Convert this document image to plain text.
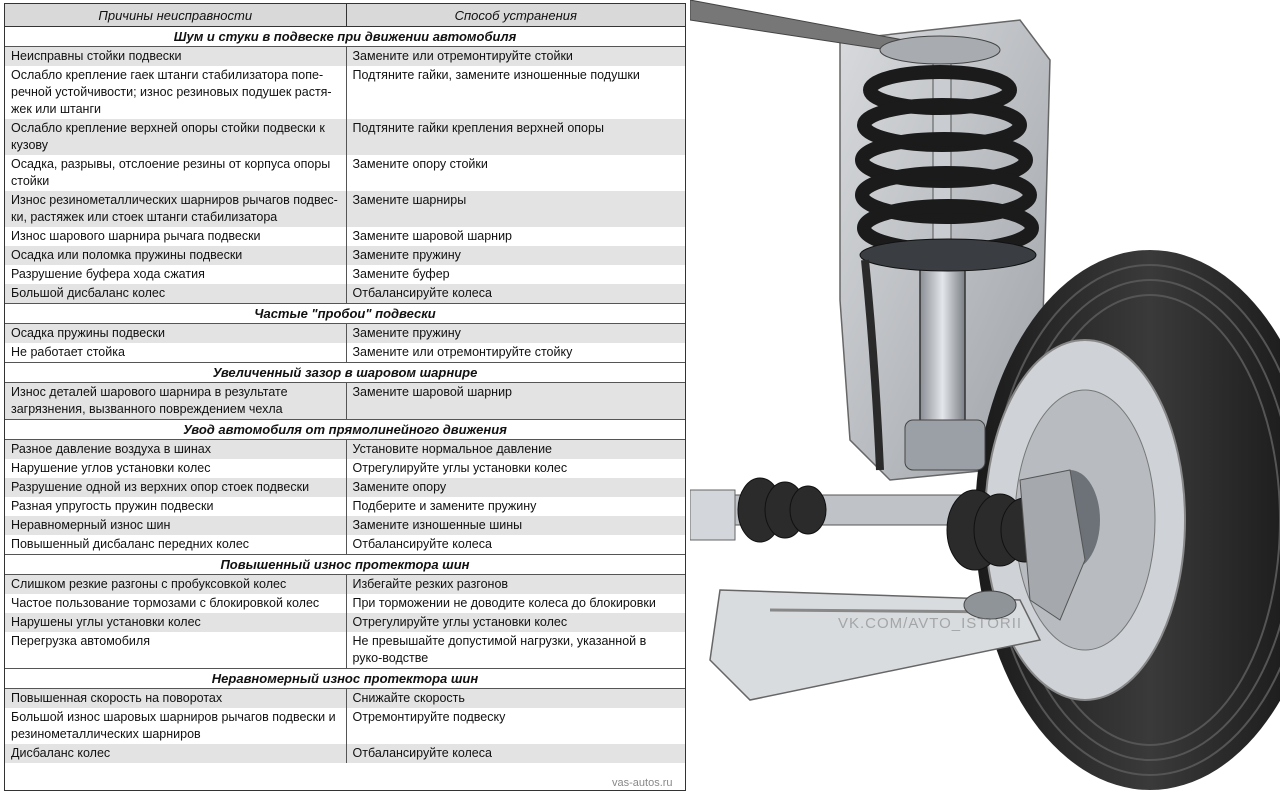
Причины неисправности	Способ устранения
Шум и стуки в подвеске при движении автомобиля	
Неисправны стойки подвески	Замените или отремонтируйте стойки
Ослабло крепление гаек штанги стабилизатора попе-речной устойчивости; износ резиновых подушек растя-жек или штанги	Подтяните гайки, замените изношенные подушки
Ослабло крепление верхней опоры стойки подвески к кузову	Подтяните гайки крепления верхней опоры
Осадка, разрывы, отслоение резины от корпуса опоры стойки	Замените опору стойки
Износ резинометаллических шарниров рычагов подвес-ки, растяжек или стоек штанги стабилизатора	Замените шарниры
Износ шарового шарнира рычага подвески	Замените шаровой шарнир
Осадка или поломка пружины подвески	Замените пружину
Разрушение буфера хода сжатия	Замените буфер
Большой дисбаланс колес	Отбалансируйте колеса
Частые "пробои" подвески	
Осадка пружины подвески	Замените пружину
Не работает стойка	Замените или отремонтируйте стойку
Увеличенный зазор в шаровом шарнире	
Износ деталей шарового шарнира в результате загрязнения, вызванного повреждением чехла	Замените шаровой шарнир
Увод автомобиля от прямолинейного движения	
Разное давление воздуха в шинах	Установите нормальное давление
Нарушение углов установки колес	Отрегулируйте углы установки колес
Разрушение одной из верхних опор стоек подвески	Замените опору
Разная упругость пружин подвески	Подберите и замените пружину
Неравномерный износ шин	Замените изношенные шины
Повышенный дисбаланс передних колес	Отбалансируйте колеса
Повышенный износ протектора шин	
Слишком резкие разгоны с пробуксовкой колес	Избегайте резких разгонов
Частое пользование тормозами с блокировкой колес	При торможении не доводите колеса до блокировки
Нарушены углы установки колес	Отрегулируйте углы установки колес
Перегрузка автомобиля	Не превышайте допустимой нагрузки, указанной в руко-водстве
Неравномерный износ протектора шин	
Повышенная скорость на поворотах	Снижайте скорость
Большой износ шаровых шарниров рычагов подвески и резинометаллических шарниров	Отремонтируйте подвеску
Дисбаланс колес	Отбалансируйте колеса
VK.COM/AVTO_ISTORII
vas-autos.ru
